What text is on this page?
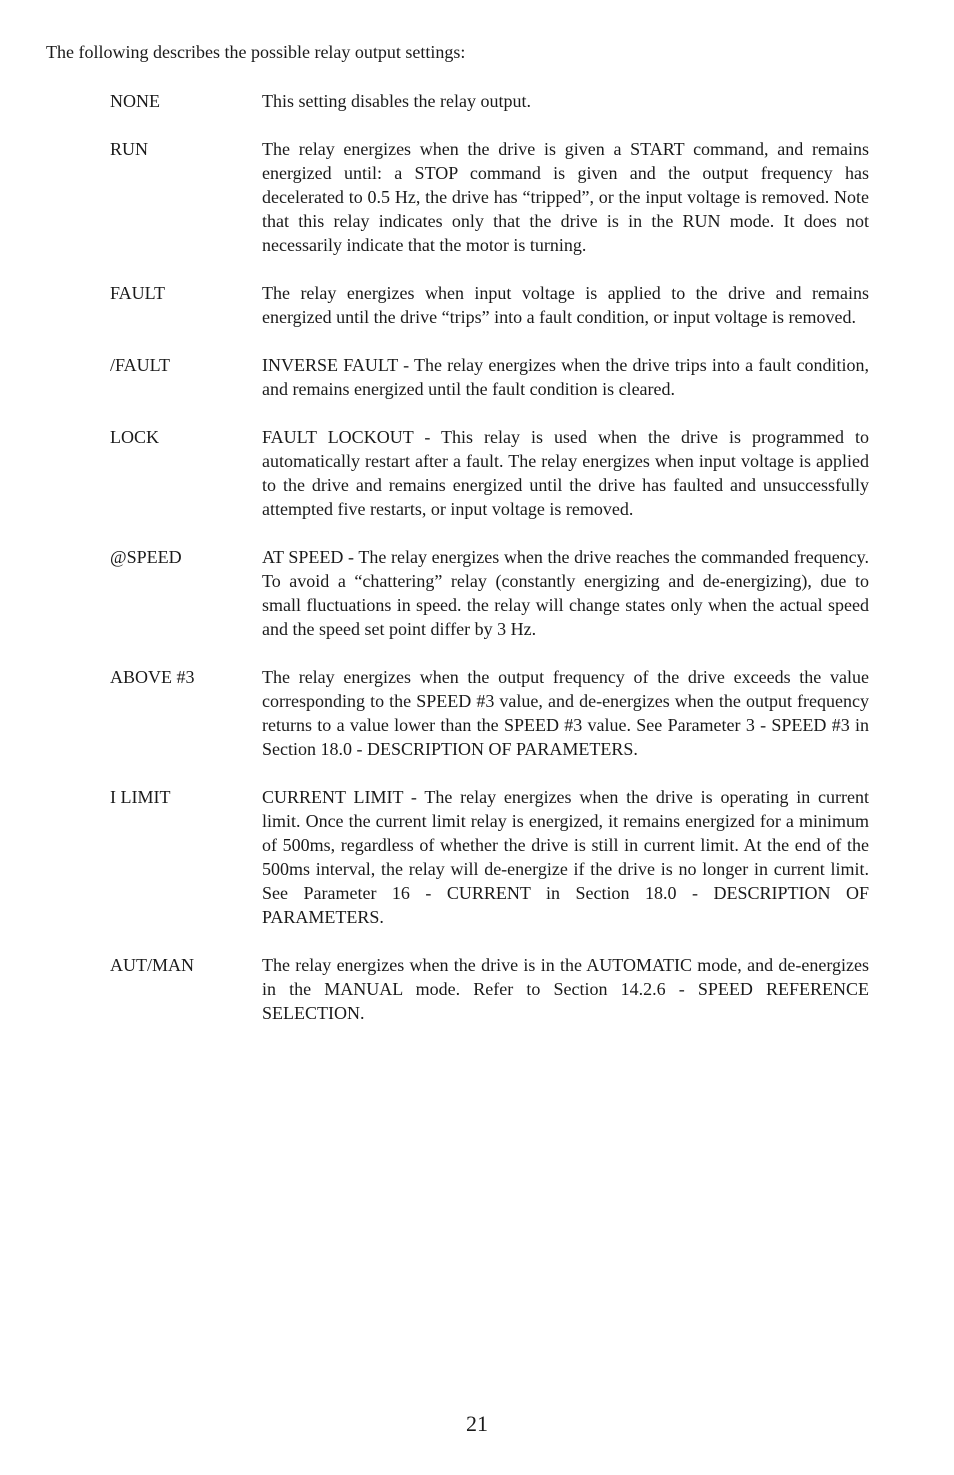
The following describes the possible relay output settings:

NONE	This setting disables the relay output.
RUN	The relay energizes when the drive is given a START command, and remains energized until: a STOP command is given and the output frequency has decelerated to 0.5 Hz, the drive has “tripped”, or the input voltage is removed. Note that this relay indicates only that the drive is in the RUN mode. It does not necessarily indicate that the motor is turning.
FAULT	The relay energizes when input voltage is applied to the drive and remains energized until the drive “trips” into a fault condition, or input voltage is removed.
/FAULT	INVERSE FAULT - The relay energizes when the drive trips into a fault condition, and remains energized until the fault condition is cleared.
LOCK	FAULT LOCKOUT - This relay is used when the drive is programmed to automatically restart after a fault. The relay energizes when input voltage is applied to the drive and remains energized until the drive has faulted and unsuccessfully attempted five restarts, or input voltage is removed.
@SPEED	AT SPEED - The relay energizes when the drive reaches the commanded frequency. To avoid a “chattering” relay (constantly energizing and de-energizing), due to small fluctuations in speed. the relay will change states only when the actual speed and the speed set point differ by 3 Hz.
ABOVE #3	The relay energizes when the output frequency of the drive exceeds the value corresponding to the SPEED #3 value, and de-energizes when the output frequency returns to a value lower than the SPEED #3 value. See Parameter 3 - SPEED #3 in Section 18.0 - DESCRIPTION OF PARAMETERS.
I LIMIT	CURRENT LIMIT - The relay energizes when the drive is operating in current limit. Once the current limit relay is energized, it remains energized for a minimum of 500ms, regardless of whether the drive is still in current limit. At the end of the 500ms interval, the relay will de-energize if the drive is no longer in current limit. See Parameter 16 - CURRENT in Section 18.0 - DESCRIPTION OF PARAMETERS.
AUT/MAN	The relay energizes when the drive is in the AUTOMATIC mode, and de-energizes in the MANUAL mode. Refer to Section 14.2.6 - SPEED REFERENCE SELECTION.
21
